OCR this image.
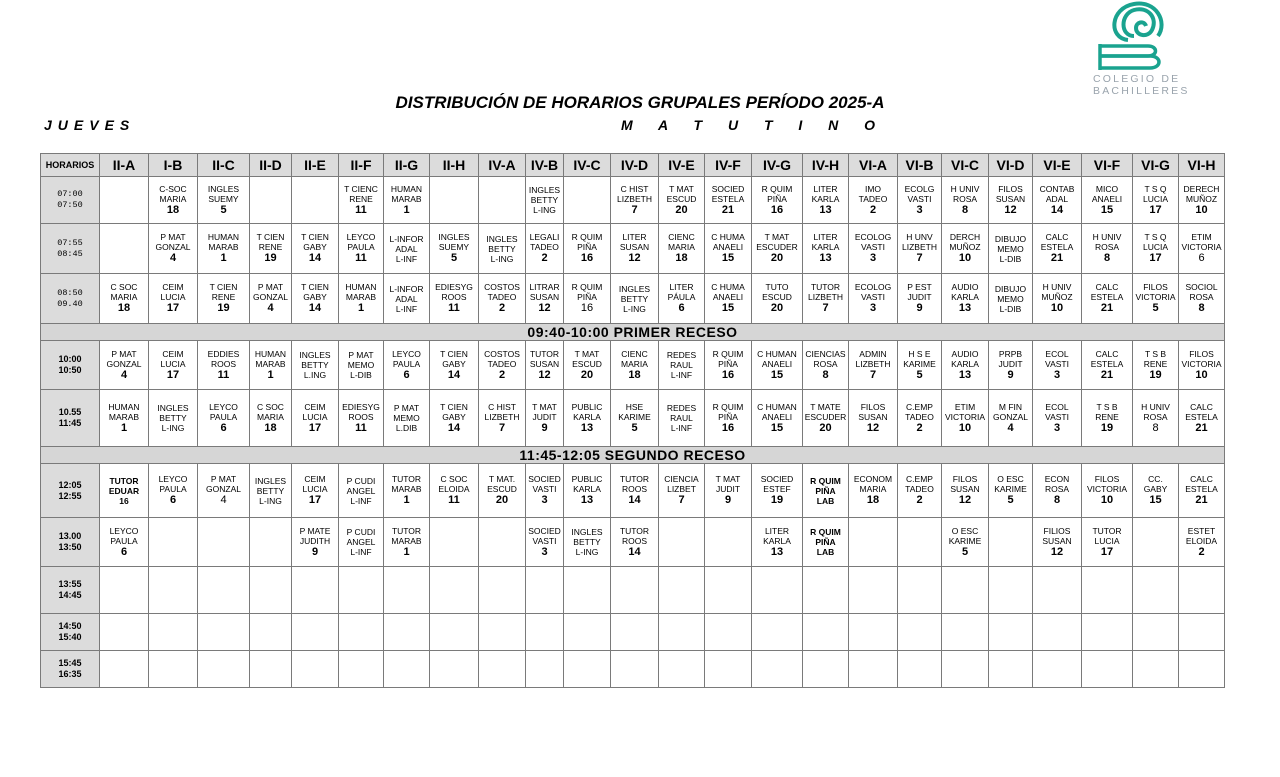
COLEGIO DE
BACHILLERES
DISTRIBUCIÓN DE HORARIOS GRUPALES PERÍODO 2025-A
JUEVES	M A T U T I N O
HORARIOS	II-A	I-B	II-C	II-D	II-E	II-F	II-G	II-H	IV-A	IV-B	IV-C	IV-D	IV-E	IV-F	IV-G	IV-H	VI-A	VI-B	VI-C	VI-D	VI-E	VI-F	VI-G	VI-H

07:00
07:50		C-SOC
MARIA
18	INGLES
SUEMY
5			T CIENC
RENE
11	HUMAN
MARAB
1			INGLES
BETTY
L-ING		C HIST
LIZBETH
7	T MAT
ESCUD
20	SOCIED
ESTELA
21	R QUIM
PIÑA
16	LITER
KARLA
13	IMO
TADEO
2	ECOLG
VASTI
3	H UNIV
ROSA
8	FILOS
SUSAN
12	CONTAB
ADAL
14	MICO
ANAELI
15	T S Q
LUCIA
17	DERECH
MUÑOZ
10

07:55
08:45		P MAT
GONZAL
4	HUMAN
MARAB
1	T CIEN
RENE
19	T CIEN
GABY
14	LEYCO
PAULA
11	L-INFOR
ADAL
L-INF	INGLES
SUEMY
5	INGLES
BETTY
L-ING	LEGALI
TADEO
2	R QUIM
PIÑA
16	LITER
SUSAN
12	CIENC
MARIA
18	C HUMA
ANAELI
15	T MAT
ESCUDER
20	LITER
KARLA
13	ECOLOG
VASTI
3	H UNV
LIZBETH
7	DERCH
MUÑOZ
10	DIBUJO
MEMO
L-DIB	CALC
ESTELA
21	H UNIV
ROSA
8	T S Q
LUCIA
17	ETIM
VICTORIA
6

08:50
09.40	C SOC
MARIA
18	CEIM
LUCIA
17	T CIEN
RENE
19	P MAT
GONZAL
4	T CIEN
GABY
14	HUMAN
MARAB
1	L-INFOR
ADAL
L-INF	EDIESYG
ROOS
11	COSTOS
TADEO
2	LITRAR
SUSAN
12	R QUIM
PIÑA
16	INGLES
BETTY
L-ING	LITER
PÁULA
6	C HUMA
ANAELI
15	TUTO
ESCUD
20	TUTOR
LIZBETH
7	ECOLOG
VASTI
3	P EST
JUDIT
9	AUDIO
KARLA
13	DIBUJO
MEMO
L-DIB	H UNIV
MUÑOZ
10	CALC
ESTELA
21	FILOS
VICTORIA
5	SOCIOL
ROSA
8

09:40-10:00 PRIMER RECESO																								

10:00
10:50	P MAT
GONZAL
4	CEIM
LUCIA
17	EDDIES
ROOS
11	HUMAN
MARAB
1	INGLES
BETTY
L.ING	P MAT
MEMO
L-DIB	LEYCO
PAULA
6	T CIEN
GABY
14	COSTOS
TADEO
2	TUTOR
SUSAN
12	T MAT
ESCUD
20	CIENC
MARIA
18	REDES
RAUL
L-INF	R QUIM
PIÑA
16	C HUMAN
ANAELI
15	CIENCIAS
ROSA
8	ADMIN
LIZBETH
7	H S E
KARIME
5	AUDIO
KARLA
13	PRPB
JUDIT
9	ECOL
VASTI
3	CALC
ESTELA
21	T S B
RENE
19	FILOS
VICTORIA
10

10.55
11:45	HUMAN
MARAB
1	INGLES
BETTY
L-ING	LEYCO
PAULA
6	C SOC
MARIA
18	CEIM
LUCIA
17	EDIESYG
ROOS
11	P MAT
MEMO
L.DIB	T CIEN
GABY
14	C HIST
LIZBETH
7	T MAT
JUDIT
9	PUBLIC
KARLA
13	HSE
KARIME
5	REDES
RAUL
L-INF	R QUIM
PIÑA
16	C HUMAN
ANAELI
15	T MATE
ESCUDER
20	FILOS
SUSAN
12	C.EMP
TADEO
2	ETIM
VICTORIA
10	M FIN
GONZAL
4	ECOL
VASTI
3	T S B
RENE
19	H UNIV
ROSA
8	CALC
ESTELA
21

11:45-12:05 SEGUNDO RECESO																								

12:05
12:55	TUTOR
EDUAR
16	LEYCO
PAULA
6	P MAT
GONZAL
4	INGLES
BETTY
L-ING	CEIM
LUCIA
17	P CUDI
ANGEL
L-INF	TUTOR
MARAB
1	C SOC
ELOIDA
11	T MAT.
ESCUD
20	SOCIED
VASTI
3	PUBLIC
KARLA
13	TUTOR
ROOS
14	CIENCIA
LIZBET
7	T MAT
JUDIT
9	SOCIED
ESTEF
19	R QUIM
PIÑA
LAB	ECONOM
MARIA
18	C.EMP
TADEO
2	FILOS
SUSAN
12	O ESC
KARIME
5	ECON
ROSA
8	FILOS
VICTORIA
10	CC.
GABY
15	CALC
ESTELA
21

13.00
13:50	LEYCO
PAULA
6				P MATE
JUDITH
9	P CUDI
ANGEL
L-INF	TUTOR
MARAB
1			SOCIED
VASTI
3	INGLES
BETTY
L-ING	TUTOR
ROOS
14			LITER
KARLA
13	R QUIM
PIÑA
LAB			O ESC
KARIME
5		FILIOS
SUSAN
12	TUTOR
LUCIA
17		ESTET
ELOIDA
2

13:55
14:45																								

14:50
15:40																								

15:45
16:35																								
